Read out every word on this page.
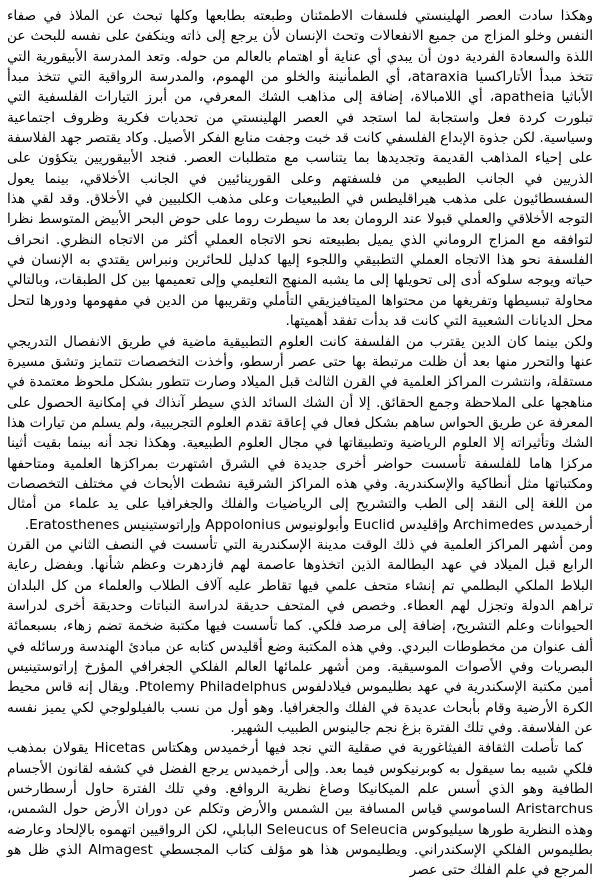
وهكذا سادت العصر الهلينستي فلسفات الاطمئنان وطبعته بطابعها وكلها تبحث عن الملاذ في صفاء النفس وخلو المزاج من جميع الانفعالات وتحث الإنسان لأن يرجع إلى ذاته وينكفئ على نفسه للبحث عن اللذة والسعادة الفردية دون أن يبدي أي عناية أو اهتمام بالعالم من حوله. وتعد المدرسة الأبيقورية التي تتخذ مبدأ الأتاراكسيا ataraxia، أي الطمأنينة والخلو من الهموم، والمدرسة الرواقية التي تتخذ مبدأ الأباثيا apatheia، أي اللامبالاة، إضافة إلى مذاهب الشك المعرفي، من أبرز التيارات الفلسفية التي تبلورت كردة فعل واستجابة لما استجد في العصر الهلينستي من تحديات فكرية وظروف اجتماعية وسياسية. لكن جذوة الإبداع الفلسفي كانت قد خبت وجفت منابع الفكر الأصيل. وكاد يقتصر جهد الفلاسفة على إحياء المذاهب القديمة وتجديدها بما يتناسب مع متطلبات العصر. فنجد الأبيقوريين يتكؤون على الذريين في الجانب الطبيعي من فلسفتهم وعلى القورينائيين في الجانب الأخلاقي، بينما يعول السفسطائيون على مذهب هيراقليطس في الطبيعيات وعلى مذهب الكلبيين في الأخلاق. وقد لقي هذا التوجه الأخلاقي والعملي قبولا عند الرومان بعد ما سيطرت روما على حوض البحر الأبيض المتوسط نظرا لتوافقه مع المزاج الروماني الذي يميل بطبيعته نحو الاتجاه العملي أكثر من الاتجاه النظري. انحراف الفلسفة نحو هذا الاتجاه العملي التطبيقي واللجوء إليها كدليل للحائرين ونبراس يقتدي به الإنسان في حياته ويوجه سلوكه أدى إلى تحويلها إلى ما يشبه المنهج التعليمي وإلى تعميمها بين كل الطبقات، وبالتالي محاولة تبسيطها وتفريغها من محتواها الميتافيزيقي التأملي وتقريبها من الدين في مفهومها ودورها لتحل محل الديانات الشعبية التي كانت قد بدأت تفقد أهميتها.

ولكن بينما كان الدين يقترب من الفلسفة كانت العلوم التطبيقية ماضية في طريق الانفصال التدريجي عنها والتحرر منها بعد أن ظلت مرتبطة بها حتى عصر أرسطو، وأخذت التخصصات تتمايز وتشق مسيرة مستقلة، وانتشرت المراكز العلمية في القرن الثالث قبل الميلاد وصارت تتطور بشكل ملحوظ معتمدة في مناهجها على الملاحظة وجمع الحقائق. إلا أن الشك السائد الذي سيطر آنذاك في إمكانية الحصول على المعرفة عن طريق الحواس ساهم بشكل فعال في إعاقة تقدم العلوم التجريبية، ولم يسلم من تيارات هذا الشك وتأثيراته إلا العلوم الرياضية وتطبيقاتها في مجال العلوم الطبيعية. وهكذا نجد أنه بينما بقيت أثينا مركزا هاما للفلسفة تأسست حواضر أخرى جديدة في الشرق اشتهرت بمراكزها العلمية ومتاحفها ومكتباتها مثل أنطاكية والإسكندرية. وفي هذه المراكز الشرقية نشطت الأبحاث في مختلف التخصصات من اللغة إلى النقد إلى الطب والتشريح إلى الرياضيات والفلك والجغرافيا على يد علماء من أمثال أرخميدس Archimedes وإقليدس Euclid وأبولونيوس Appolonius وإراتوستينيس Eratosthenes.

ومن أشهر المراكز العلمية في ذلك الوقت مدينة الإسكندرية التي تأسست في النصف الثاني من القرن الرابع قبل الميلاد في عهد البطالمة الذين اتخذوها عاصمة لهم فازدهرت وعظم شأنها. وبفضل رعاية البلاط الملكي البطلمي تم إنشاء متحف علمي فيها تقاطر عليه آلاف الطلاب والعلماء من كل البلدان تراهم الدولة وتجزل لهم العطاء. وخصص في المتحف حديقة لدراسة النباتات وحديقة أخرى لدراسة الحيوانات وعلم التشريح، إضافة إلى مرصد فلكي. كما تأسست فيها مكتبة ضخمة تضم زهاء، بسبعمائة ألف عنوان من مخطوطات البردي. وفي هذه المكتبة وضع أقليدس كتابه عن مبادئ الهندسة ورسائله في البصريات وفي الأصوات الموسيقية. ومن أشهر علمائها العالم الفلكي الجغرافي المؤرخ إراتوستينيس أمين مكتبة الإسكندرية في عهد بطليموس فيلادلفوس Ptolemy Philadelphus. ويقال إنه قاس محيط الكرة الأرضية وقام بأبحاث عديدة في الفلك والجغرافيا. وهو أول من نسب بالفيلولوجي لكي يميز نفسه عن الفلاسفة. وفي تلك الفترة بزغ نجم جالينوس الطبيب الشهير.

كما تأصلت الثقافة الفيثاغورية في صقلية التي نجد فيها أرخميدس وهكتاس Hicetas يقولان بمذهب فلكي شبيه بما سيقول به كوبرنيكوس فيما بعد. وإلى أرخميدس يرجع الفضل في كشفه لقانون الأجسام الطافية وهو الذي أسس علم الميكانيكا وصاغ نظرية الروافع. وفي تلك الفترة حاول أرسطارخس Aristarchus الساموسي قياس المسافة بين الشمس والأرض وتكلم عن دوران الأرض حول الشمس، وهذه النظرية طورها سيليوكوس Seleucus of Seleucia البابلي، لكن الرواقيين اتهموه بالإلحاد وعارضه بطليموس الفلكي الإسكندراني. ويطليموس هذا هو مؤلف كتاب المجسطي Almagest الذي ظل هو المرجع في علم الفلك حتى عصر
